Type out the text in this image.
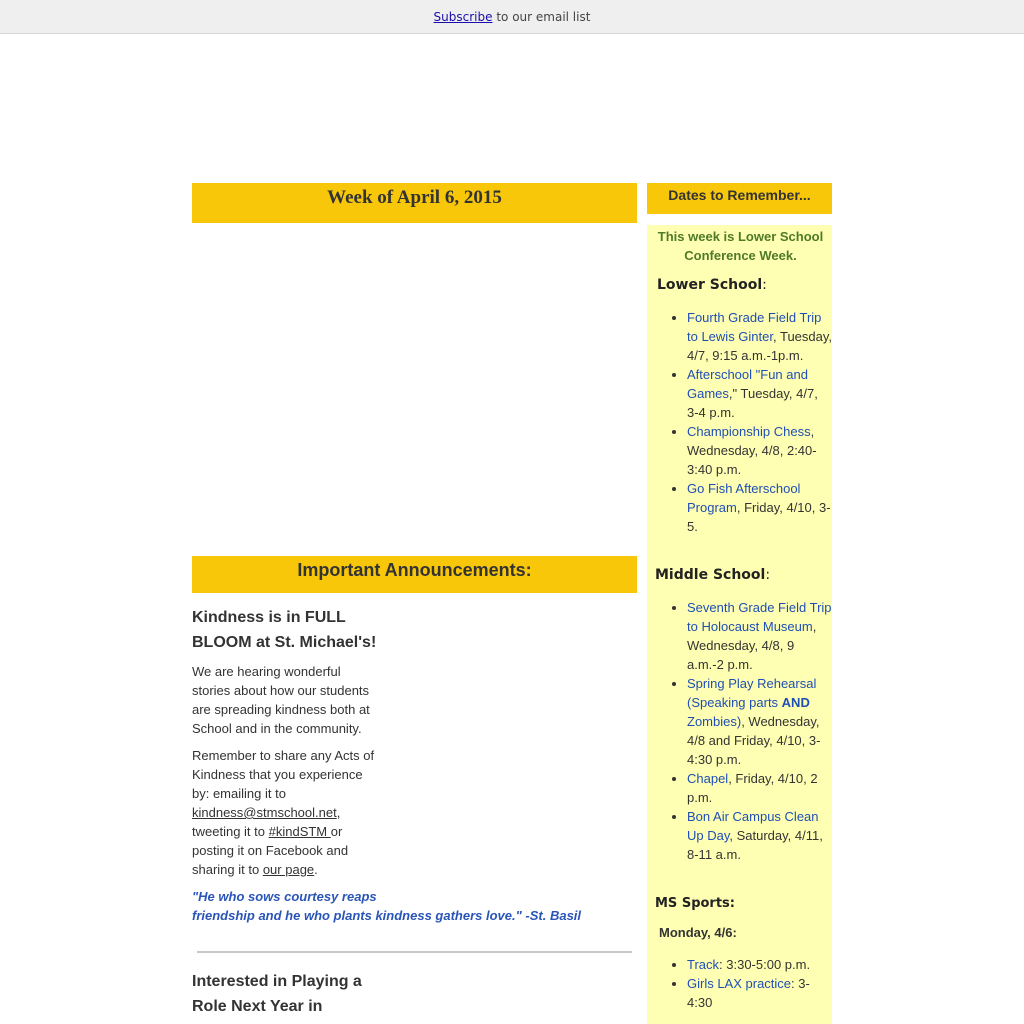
Subscribe to our email list
Week of April 6, 2015
Important Announcements:
Kindness is in FULL BLOOM at St. Michael's!

We are hearing wonderful stories about how our students are spreading kindness both at School and in the community.

Remember to share any Acts of Kindness that you experience by: emailing it to kindness@stmschool.net, tweeting it to #kindSTM or posting it on Facebook and sharing it to our page.

"He who sows courtesy reaps
friendship and he who plants kindness gathers love." -St. Basil

Interested in Playing a Role Next Year in
Dates to Remember...
This week is Lower School Conference Week.
Lower School:
• Fourth Grade Field Trip to Lewis Ginter, Tuesday, 4/7, 9:15 a.m.-1p.m.
• Afterschool "Fun and Games," Tuesday, 4/7, 3-4 p.m.
• Championship Chess, Wednesday, 4/8, 2:40-3:40 p.m.
• Go Fish Afterschool Program, Friday, 4/10, 3-5.
Middle School:
• Seventh Grade Field Trip to Holocaust Museum, Wednesday, 4/8, 9 a.m.-2 p.m.
• Spring Play Rehearsal (Speaking parts AND Zombies), Wednesday, 4/8 and Friday, 4/10, 3-4:30 p.m.
• Chapel, Friday, 4/10, 2 p.m.
• Bon Air Campus Clean Up Day, Saturday, 4/11, 8-11 a.m.
MS Sports:
Monday, 4/6:
• Track: 3:30-5:00 p.m.
• Girls LAX practice: 3-4:30
